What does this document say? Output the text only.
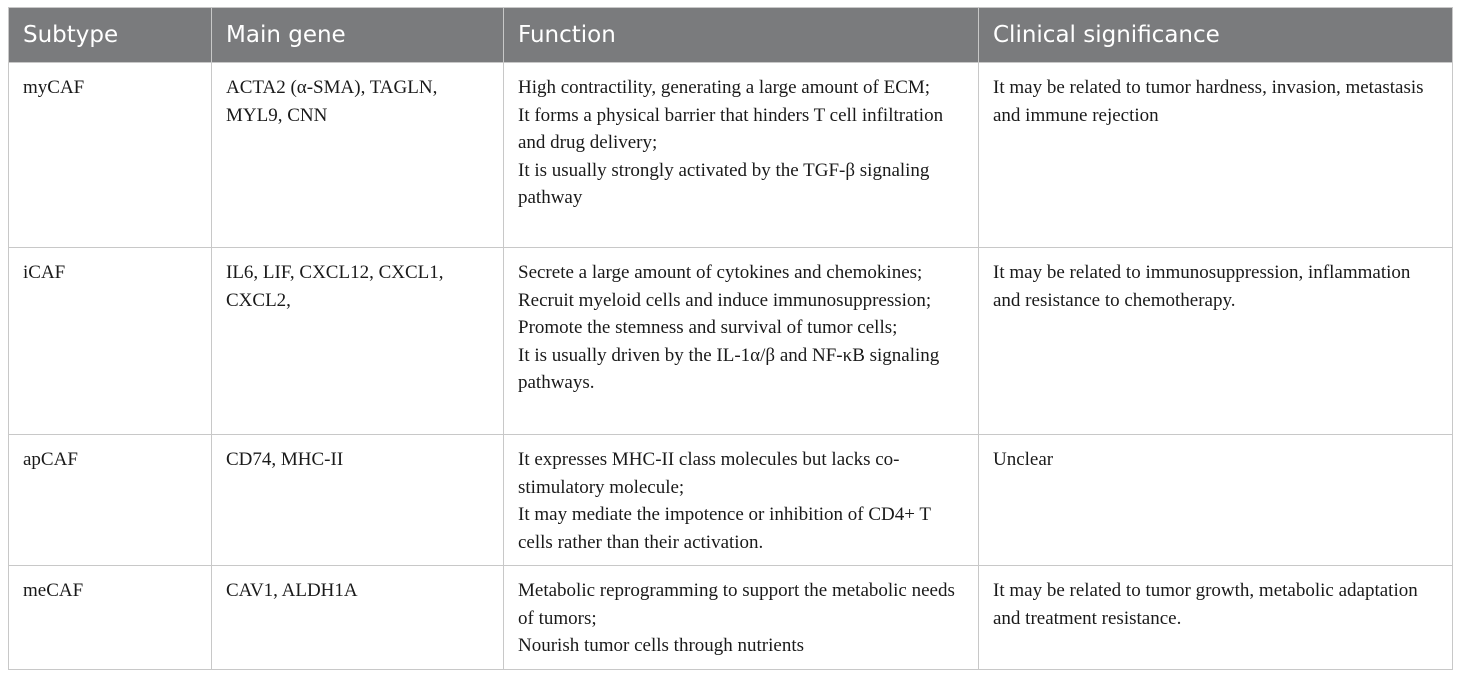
Subtype	Main gene	Function	Clinical significance
myCAF	ACTA2 (α-SMA), TAGLN, MYL9, CNN	High contractility, generating a large amount of ECM;
It forms a physical barrier that hinders T cell infiltration and drug delivery;
It is usually strongly activated by the TGF-β signaling pathway	It may be related to tumor hardness, invasion, metastasis and immune rejection
iCAF	IL6, LIF, CXCL12, CXCL1, CXCL2,	Secrete a large amount of cytokines and chemokines;
Recruit myeloid cells and induce immunosuppression;
Promote the stemness and survival of tumor cells;
It is usually driven by the IL-1α/β and NF-κB signaling pathways.	It may be related to immunosuppression, inflammation and resistance to chemotherapy.
apCAF	CD74, MHC-II	It expresses MHC-II class molecules but lacks co-stimulatory molecule;
It may mediate the impotence or inhibition of CD4+ T cells rather than their activation.	Unclear
meCAF	CAV1, ALDH1A	Metabolic reprogramming to support the metabolic needs of tumors;
Nourish tumor cells through nutrients	It may be related to tumor growth, metabolic adaptation and treatment resistance.
